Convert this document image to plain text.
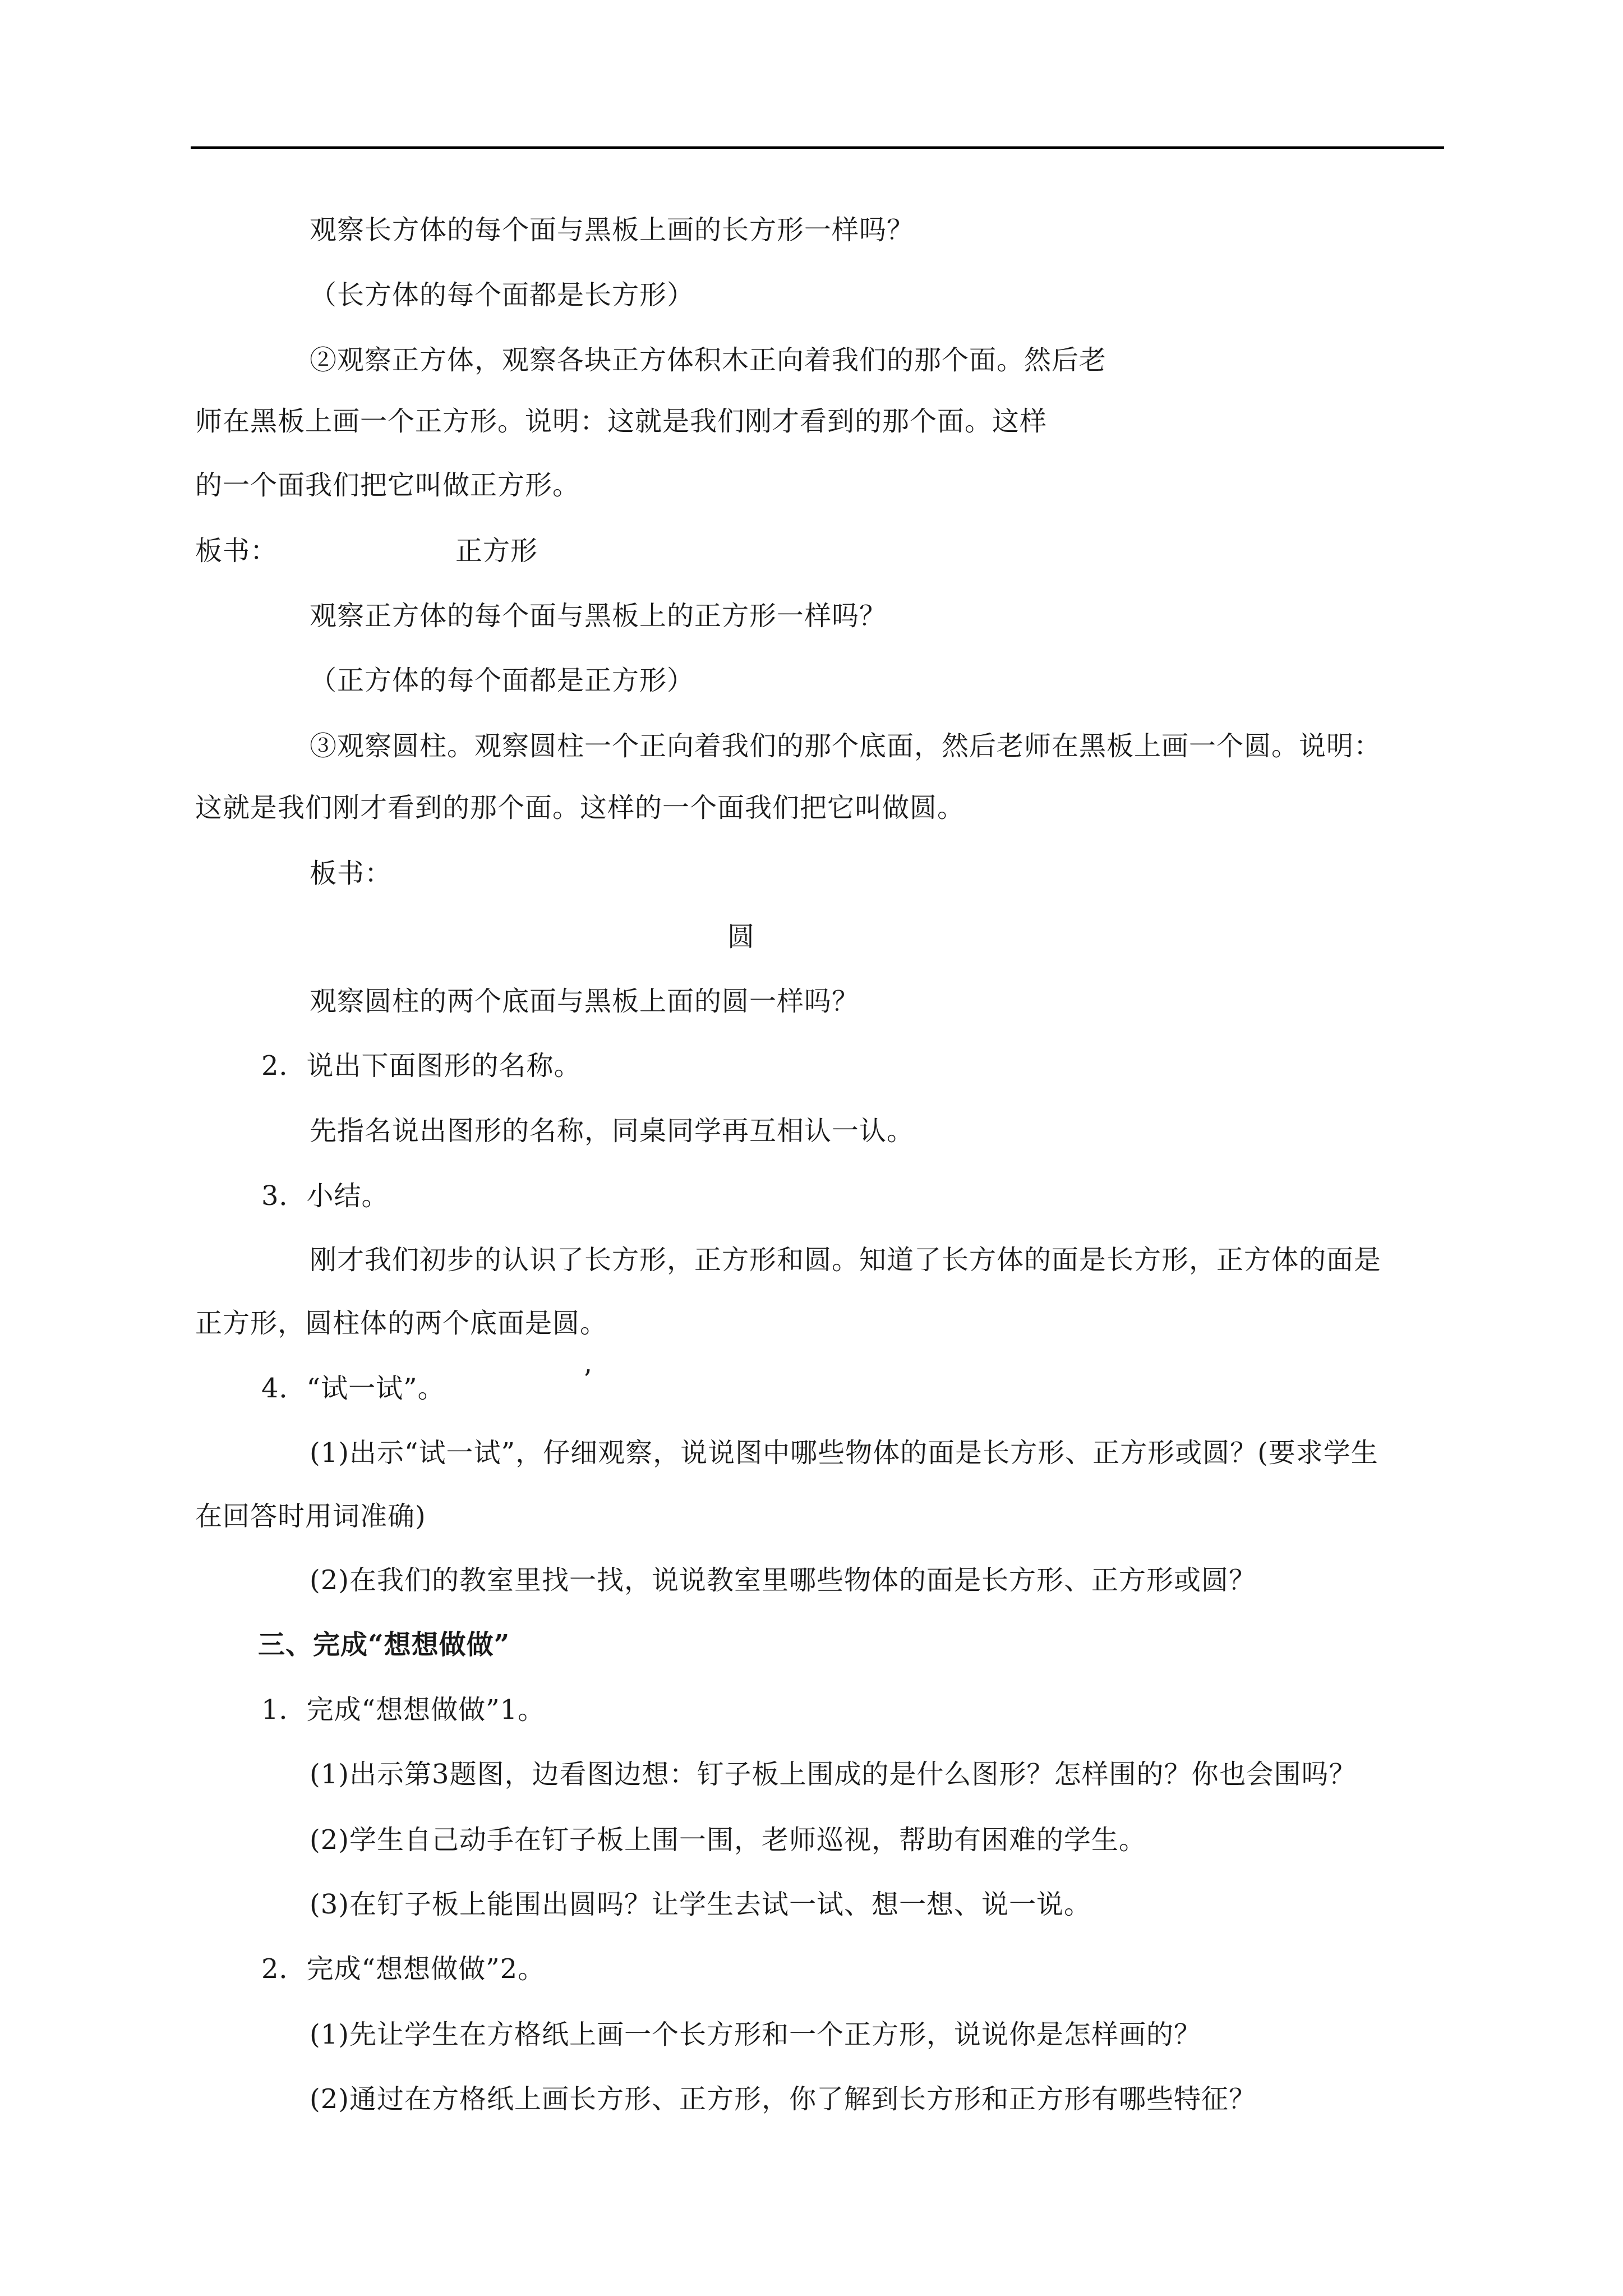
观察长方体的每个面与黑板上画的长方形一样吗？
（长方体的每个面都是长方形）
②观察正方体，观察各块正方体积木正向着我们的那个面。然后老
师在黑板上画一个正方形。说明：这就是我们刚才看到的那个面。这样
的一个面我们把它叫做正方形。
板书：	正方形
观察正方体的每个面与黑板上的正方形一样吗？
（正方体的每个面都是正方形）
③观察圆柱。观察圆柱一个正向着我们的那个底面，然后老师在黑板上画一个圆。说明：
这就是我们刚才看到的那个面。这样的一个面我们把它叫做圆。
板书：
圆
观察圆柱的两个底面与黑板上面的圆一样吗？
2．说出下面图形的名称。
先指名说出图形的名称，同桌同学再互相认一认。
3．小结。
刚才我们初步的认识了长方形，正方形和圆。知道了长方体的面是长方形，正方体的面是
正方形，圆柱体的两个底面是圆。
4．“试一试”。	’
(1)出示“试一试”，仔细观察，说说图中哪些物体的面是长方形、正方形或圆？(要求学生
在回答时用词准确)
(2)在我们的教室里找一找，说说教室里哪些物体的面是长方形、正方形或圆？
三、完成“想想做做”
1．完成“想想做做”1。
(1)出示第3题图，边看图边想：钉子板上围成的是什么图形？怎样围的？你也会围吗？
(2)学生自己动手在钉子板上围一围，老师巡视，帮助有困难的学生。
(3)在钉子板上能围出圆吗？让学生去试一试、想一想、说一说。
2．完成“想想做做”2。
(1)先让学生在方格纸上画一个长方形和一个正方形，说说你是怎样画的？
(2)通过在方格纸上画长方形、正方形，你了解到长方形和正方形有哪些特征？
